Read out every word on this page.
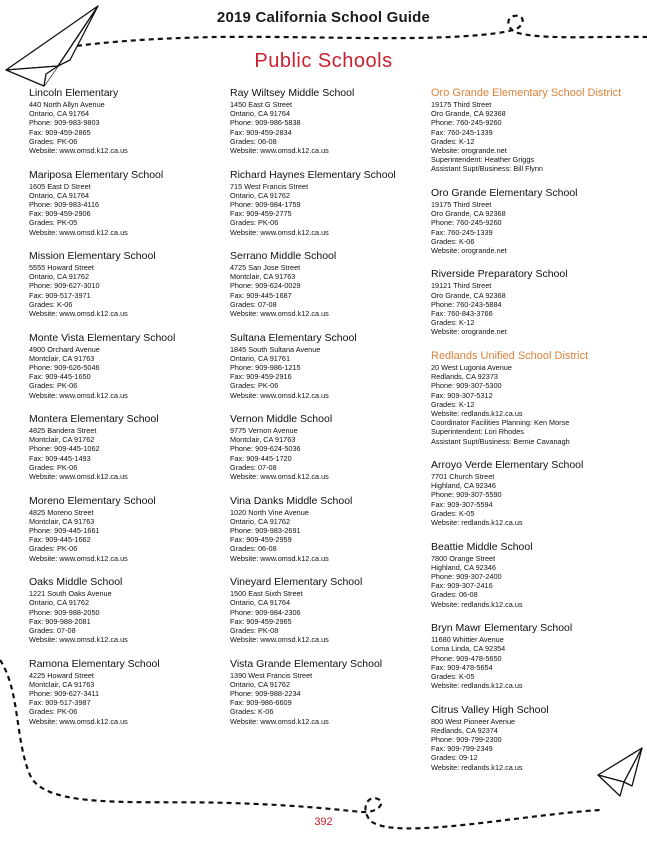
2019 California School Guide
Public Schools
Lincoln Elementary
440 North Allyn Avenue
Ontario, CA 91764
Phone: 909-983-9803
Fax: 909-459-2865
Grades: PK-06
Website: www.omsd.k12.ca.us
Mariposa Elementary School
1605 East D Street
Ontario, CA 91764
Phone: 909-983-4116
Fax: 909-459-2906
Grades: PK-05
Website: www.omsd.k12.ca.us
Mission Elementary School
5555 Howard Street
Ontario, CA 91762
Phone: 909-627-3010
Fax: 909-517-3971
Grades: K-06
Website: www.omsd.k12.ca.us
Monte Vista Elementary School
4900 Orchard Avenue
Montclair, CA 91763
Phone: 909-626-5046
Fax: 909-445-1650
Grades: PK-06
Website: www.omsd.k12.ca.us
Montera Elementary School
4825 Bandera Street
Montclair, CA 91762
Phone: 909-445-1062
Fax: 909-445-1493
Grades: PK-06
Website: www.omsd.k12.ca.us
Moreno Elementary School
4825 Moreno Street
Montclair, CA 91763
Phone: 909-445-1661
Fax: 909-445-1662
Grades: PK-06
Website: www.omsd.k12.ca.us
Oaks Middle School
1221 South Oaks Avenue
Ontario, CA 91762
Phone: 909-988-2050
Fax: 909-988-2081
Grades: 07-08
Website: www.omsd.k12.ca.us
Ramona Elementary School
4225 Howard Street
Montclair, CA 91763
Phone: 909-627-3411
Fax: 909-517-3987
Grades: PK-06
Website: www.omsd.k12.ca.us
Ray Wiltsey Middle School
1450 East G Street
Ontario, CA 91764
Phone: 909-986-5838
Fax: 909-459-2834
Grades: 06-08
Website: www.omsd.k12.ca.us
Richard Haynes Elementary School
715 West Francis Street
Ontario, CA 91762
Phone: 909-984-1759
Fax: 909-459-2775
Grades: PK-06
Website: www.omsd.k12.ca.us
Serrano Middle School
4725 San Jose Street
Montclair, CA 91763
Phone: 909-624-0029
Fax: 909-445-1687
Grades: 07-08
Website: www.omsd.k12.ca.us
Sultana Elementary School
1845 South Sultana Avenue
Ontario, CA 91761
Phone: 909-986-1215
Fax: 909-459-2916
Grades: PK-06
Website: www.omsd.k12.ca.us
Vernon Middle School
9775 Vernon Avenue
Montclair, CA 91763
Phone: 909-624-5036
Fax: 909-445-1720
Grades: 07-08
Website: www.omsd.k12.ca.us
Vina Danks Middle School
1020 North Vine Avenue
Ontario, CA 91762
Phone: 909-983-2691
Fax: 909-459-2959
Grades: 06-08
Website: www.omsd.k12.ca.us
Vineyard Elementary School
1500 East Sixth Street
Ontario, CA 91764
Phone: 909-984-2306
Fax: 909-459-2965
Grades: PK-08
Website: www.omsd.k12.ca.us
Vista Grande Elementary School
1390 West Francis Street
Ontario, CA 91762
Phone: 909-988-2234
Fax: 909-986-6609
Grades: K-06
Website: www.omsd.k12.ca.us
Oro Grande Elementary School District
19175 Third Street
Oro Grande, CA 92368
Phone: 760-245-9260
Fax: 760-245-1339
Grades: K-12
Website: orogrande.net
Superintendent: Heather Griggs
Assistant Supt/Business: Bill Flynn
Oro Grande Elementary School
19175 Third Street
Oro Grande, CA 92368
Phone: 760-245-9260
Fax: 760-245-1339
Grades: K-06
Website: orogrande.net
Riverside Preparatory School
19121 Third Street
Oro Grande, CA 92368
Phone: 760-243-5884
Fax: 760-843-3766
Grades: K-12
Website: orogrande.net
Redlands Unified School District
20 West Lugonia Avenue
Redlands, CA 92373
Phone: 909-307-5300
Fax: 909-307-5312
Grades: K-12
Website: redlands.k12.ca.us
Coordinator Facilities Planning: Ken Morse
Superintendent: Lori Rhodes
Assistant Supt/Business: Bernie Cavanagh
Arroyo Verde Elementary School
7701 Church Street
Highland, CA 92346
Phone: 909-307-5590
Fax: 909-307-5594
Grades: K-05
Website: redlands.k12.ca.us
Beattie Middle School
7800 Orange Street
Highland, CA 92346
Phone: 909-307-2400
Fax: 909-307-2416
Grades: 06-08
Website: redlands.k12.ca.us
Bryn Mawr Elementary School
11680 Whittier Avenue
Loma Linda, CA 92354
Phone: 909-478-5650
Fax: 909-478-5654
Grades: K-05
Website: redlands.k12.ca.us
Citrus Valley High School
800 West Pioneer Avenue
Redlands, CA 92374
Phone: 909-799-2300
Fax: 909-799-2349
Grades: 09-12
Website: redlands.k12.ca.us
392
